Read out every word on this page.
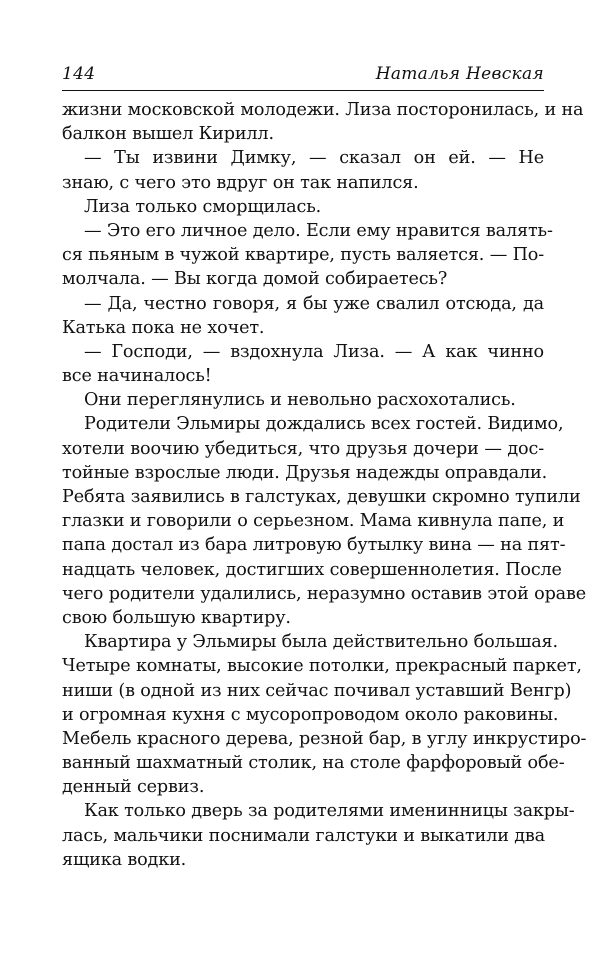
144	Наталья Невская
жизни московской молодежи. Лиза посторонилась, и на
балкон вышел Кирилл.
— Ты извини Димку, — сказал он ей. — Не
знаю, с чего это вдруг он так напился.
Лиза только сморщилась.
— Это его личное дело. Если ему нравится валять-
ся пьяным в чужой квартире, пусть валяется. — По-
молчала. — Вы когда домой собираетесь?
— Да, честно говоря, я бы уже свалил отсюда, да
Катька пока не хочет.
— Господи, — вздохнула Лиза. — А как чинно
все начиналось!
Они переглянулись и невольно расхохотались.
Родители Эльмиры дождались всех гостей. Видимо,
хотели воочию убедиться, что друзья дочери — дос-
тойные взрослые люди. Друзья надежды оправдали.
Ребята заявились в галстуках, девушки скромно тупили
глазки и говорили о серьезном. Мама кивнула папе, и
папа достал из бара литровую бутылку вина — на пят-
надцать человек, достигших совершеннолетия. После
чего родители удалились, неразумно оставив этой ораве
свою большую квартиру.
Квартира у Эльмиры была действительно большая.
Четыре комнаты, высокие потолки, прекрасный паркет,
ниши (в одной из них сейчас почивал уставший Венгр)
и огромная кухня с мусоропроводом около раковины.
Мебель красного дерева, резной бар, в углу инкрустиро-
ванный шахматный столик, на столе фарфоровый обе-
денный сервиз.
Как только дверь за родителями именинницы закры-
лась, мальчики поснимали галстуки и выкатили два
ящика водки.
